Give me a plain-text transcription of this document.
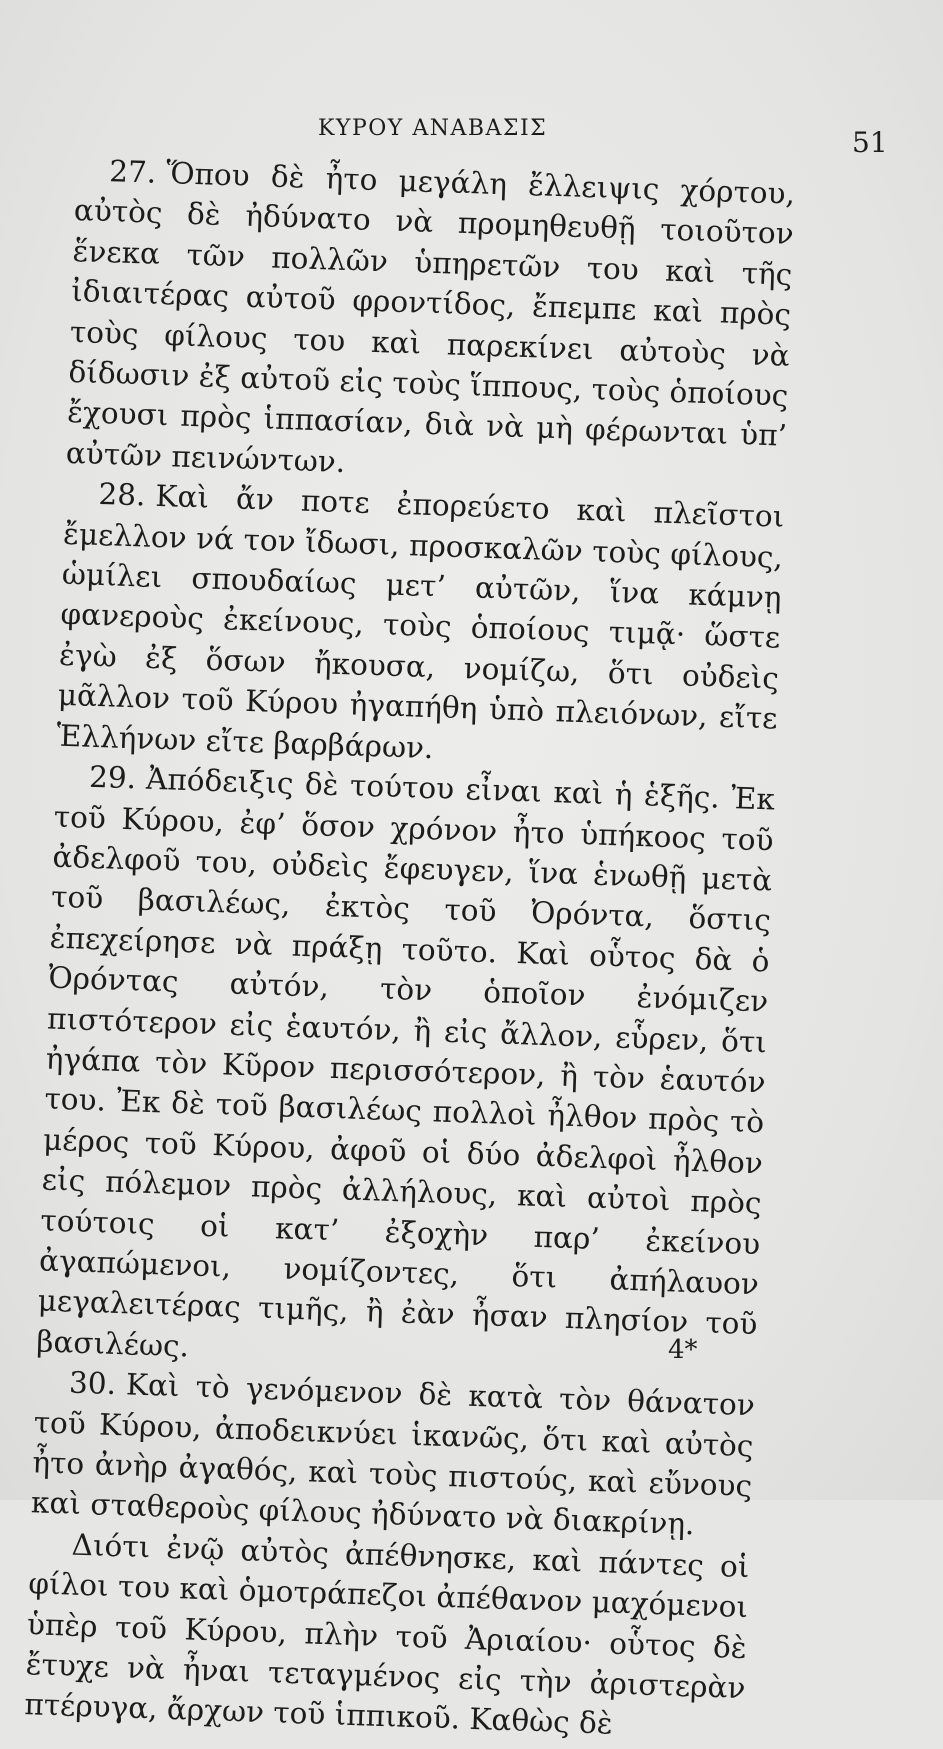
ΚΥΡΟΥ ΑΝΑΒΑΣΙΣ	51

27. Ὅπου δὲ ἦτο μεγάλη ἔλλειψις χόρτου, αὐτὸς δὲ ἠδύνατο νὰ προμηθευθῇ τοιοῦτον ἕνεκα τῶν πολλῶν ὑπηρετῶν του καὶ τῆς ἰδιαιτέρας αὐτοῦ φροντίδος, ἔπεμπε καὶ πρὸς τοὺς φίλους του καὶ παρεκίνει αὐτοὺς νὰ δίδωσιν ἐξ αὐτοῦ εἰς τοὺς ἵππους, τοὺς ὁποίους ἔχουσι πρὸς ἱππασίαν, διὰ νὰ μὴ φέρωνται ὑπ’ αὐτῶν πεινώντων.

28. Καὶ ἄν ποτε ἐπορεύετο καὶ πλεῖστοι ἔμελλον νά τον ἴδωσι, προσκαλῶν τοὺς φίλους, ὡμίλει σπουδαίως μετ’ αὐτῶν, ἵνα κάμνῃ φανεροὺς ἐκείνους, τοὺς ὁποίους τιμᾷ· ὥστε ἐγὼ ἐξ ὅσων ἤκουσα, νομίζω, ὅτι οὐδεὶς μᾶλλον τοῦ Κύρου ἠγαπήθη ὑπὸ πλειόνων, εἴτε Ἑλλήνων εἴτε βαρβάρων.

29. Ἀπόδειξις δὲ τούτου εἶναι καὶ ἡ ἑξῆς. Ἐκ τοῦ Κύρου, ἐφ’ ὅσον χρόνον ἦτο ὑπήκοος τοῦ ἀδελφοῦ του, οὐδεὶς ἔφευγεν, ἵνα ἑνωθῇ μετὰ τοῦ βασιλέως, ἐκτὸς τοῦ Ὀρόντα, ὅστις ἐπεχείρησε νὰ πράξῃ τοῦτο. Καὶ οὗτος δὰ ὁ Ὀρόντας αὐτόν, τὸν ὁποῖον ἐνόμιζεν πιστότερον εἰς ἑαυτόν, ἢ εἰς ἄλλον, εὗρεν, ὅτι ἠγάπα τὸν Κῦρον περισσότερον, ἢ τὸν ἑαυτόν του. Ἐκ δὲ τοῦ βασιλέως πολλοὶ ἦλθον πρὸς τὸ μέρος τοῦ Κύρου, ἀφοῦ οἱ δύο ἀδελφοὶ ἦλθον εἰς πόλεμον πρὸς ἀλλήλους, καὶ αὐτοὶ πρὸς τούτοις οἱ κατ’ ἐξοχὴν παρ’ ἐκείνου ἀγαπώμενοι, νομίζοντες, ὅτι ἀπήλαυον μεγαλειτέρας τιμῆς, ἢ ἐὰν ἦσαν πλησίον τοῦ βασιλέως.

30. Καὶ τὸ γενόμενον δὲ κατὰ τὸν θάνατον τοῦ Κύρου, ἀποδεικνύει ἱκανῶς, ὅτι καὶ αὐτὸς ἦτο ἀνὴρ ἀγαθός, καὶ τοὺς πιστούς, καὶ εὔνους καὶ σταθεροὺς φίλους ἠδύνατο νὰ διακρίνῃ.

Διότι ἐνῷ αὐτὸς ἀπέθνησκε, καὶ πάντες οἱ φίλοι του καὶ ὁμοτράπεζοι ἀπέθανον μαχόμενοι ὑπὲρ τοῦ Κύρου, πλὴν τοῦ Ἀριαίου· οὗτος δὲ ἔτυχε νὰ ἦναι τεταγμένος εἰς τὴν ἀριστερὰν πτέρυγα, ἄρχων τοῦ ἱππικοῦ. Καθὼς δὲ

4*
